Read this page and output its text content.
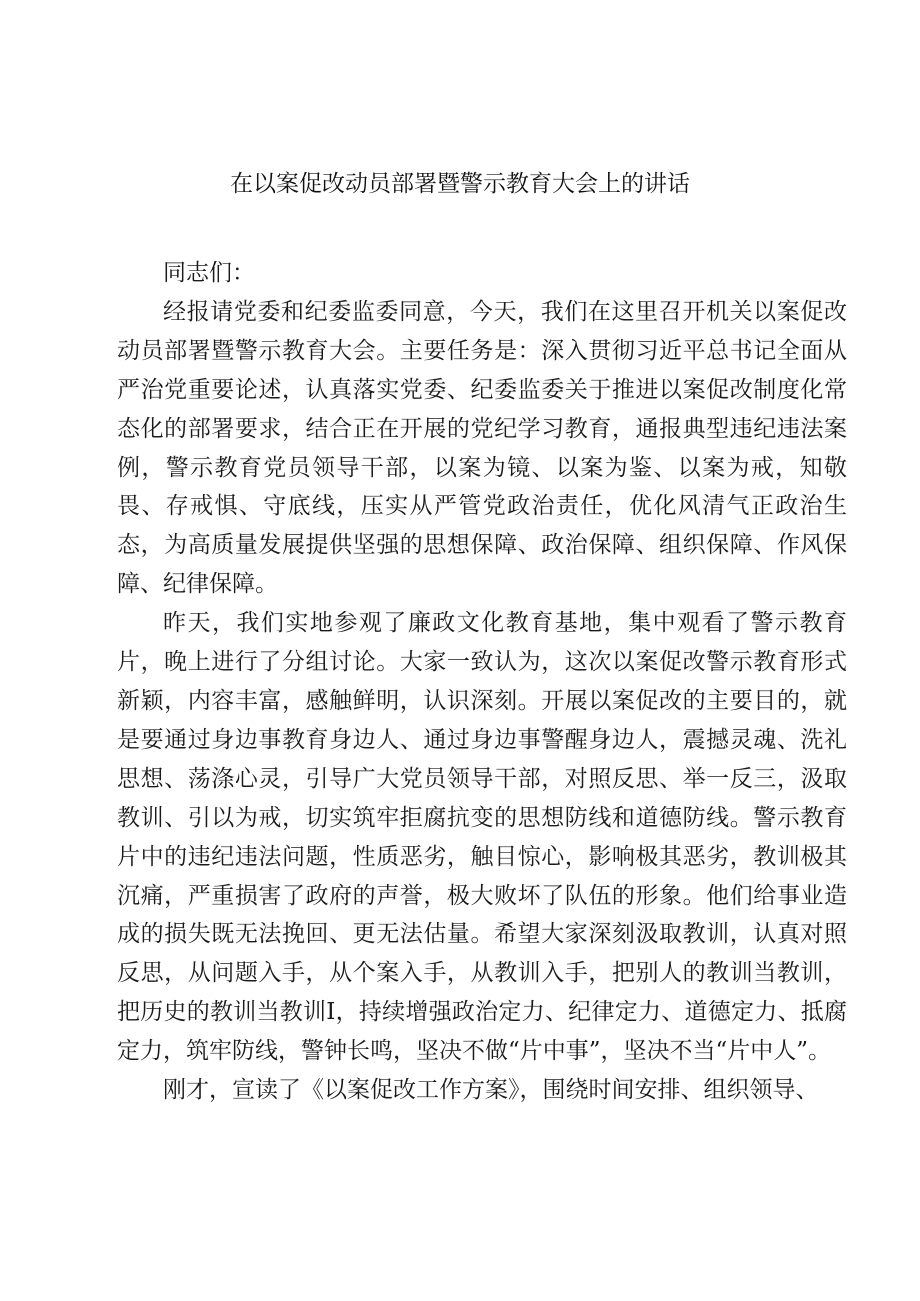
在以案促改动员部署暨警示教育大会上的讲话

同志们：

经报请党委和纪委监委同意，今天，我们在这里召开机关以案促改动员部署暨警示教育大会。主要任务是：深入贯彻习近平总书记全面从严治党重要论述，认真落实党委、纪委监委关于推进以案促改制度化常态化的部署要求，结合正在开展的党纪学习教育，通报典型违纪违法案例，警示教育党员领导干部，以案为镜、以案为鉴、以案为戒，知敬畏、存戒惧、守底线，压实从严管党政治责任，优化风清气正政治生态，为高质量发展提供坚强的思想保障、政治保障、组织保障、作风保障、纪律保障。

昨天，我们实地参观了廉政文化教育基地，集中观看了警示教育片，晚上进行了分组讨论。大家一致认为，这次以案促改警示教育形式新颖，内容丰富，感触鲜明，认识深刻。开展以案促改的主要目的，就是要通过身边事教育身边人、通过身边事警醒身边人，震撼灵魂、洗礼思想、荡涤心灵，引导广大党员领导干部，对照反思、举一反三，汲取教训、引以为戒，切实筑牢拒腐抗变的思想防线和道德防线。警示教育片中的违纪违法问题，性质恶劣，触目惊心，影响极其恶劣，教训极其沉痛，严重损害了政府的声誉，极大败坏了队伍的形象。他们给事业造成的损失既无法挽回、更无法估量。希望大家深刻汲取教训，认真对照反思，从问题入手，从个案入手，从教训入手，把别人的教训当教训，把历史的教训当教训I，持续增强政治定力、纪律定力、道德定力、抵腐定力，筑牢防线，警钟长鸣，坚决不做“片中事”，坚决不当“片中人”。

刚才，宣读了《以案促改工作方案》，围绕时间安排、组织领导、
